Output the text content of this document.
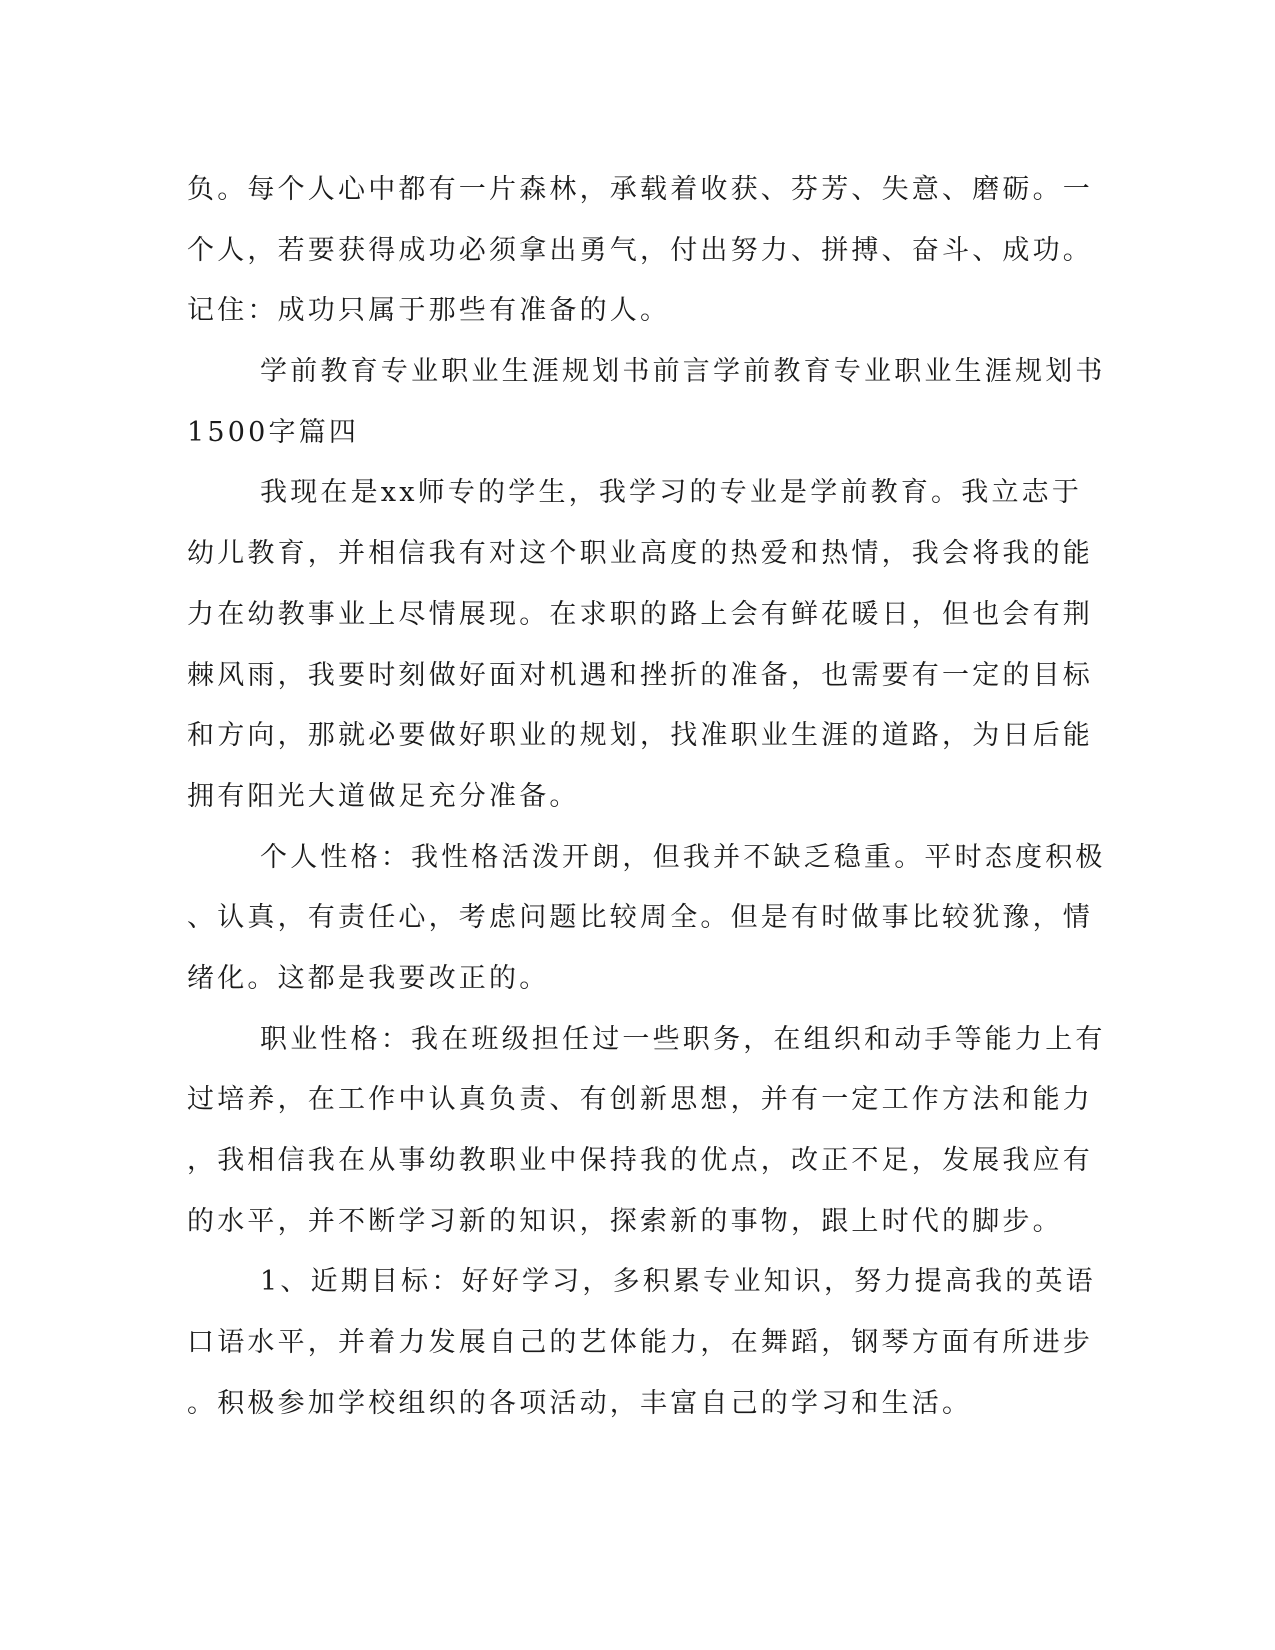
负。每个人心中都有一片森林，承载着收获、芬芳、失意、磨砺。一
个人，若要获得成功必须拿出勇气，付出努力、拼搏、奋斗、成功。
记住：成功只属于那些有准备的人。
学前教育专业职业生涯规划书前言学前教育专业职业生涯规划书
1500字篇四
我现在是xx师专的学生，我学习的专业是学前教育。我立志于
幼儿教育，并相信我有对这个职业高度的热爱和热情，我会将我的能
力在幼教事业上尽情展现。在求职的路上会有鲜花暖日，但也会有荆
棘风雨，我要时刻做好面对机遇和挫折的准备，也需要有一定的目标
和方向，那就必要做好职业的规划，找准职业生涯的道路，为日后能
拥有阳光大道做足充分准备。
个人性格：我性格活泼开朗，但我并不缺乏稳重。平时态度积极
、认真，有责任心，考虑问题比较周全。但是有时做事比较犹豫，情
绪化。这都是我要改正的。
职业性格：我在班级担任过一些职务，在组织和动手等能力上有
过培养，在工作中认真负责、有创新思想，并有一定工作方法和能力
，我相信我在从事幼教职业中保持我的优点，改正不足，发展我应有
的水平，并不断学习新的知识，探索新的事物，跟上时代的脚步。
1、近期目标：好好学习，多积累专业知识，努力提高我的英语
口语水平，并着力发展自己的艺体能力，在舞蹈，钢琴方面有所进步
。积极参加学校组织的各项活动，丰富自己的学习和生活。
